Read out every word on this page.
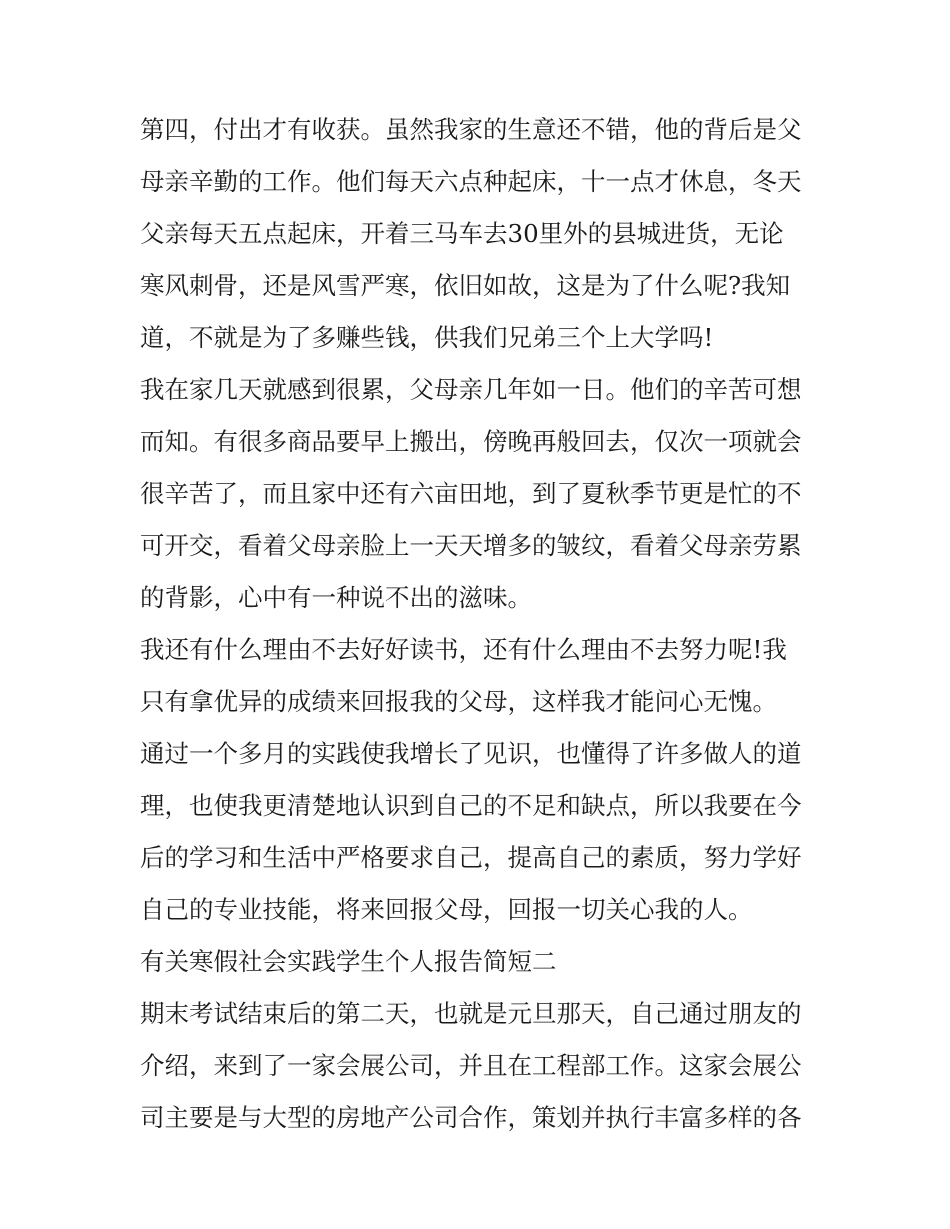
第四，付出才有收获。虽然我家的生意还不错，他的背后是父
母亲辛勤的工作。他们每天六点种起床，十一点才休息，冬天
父亲每天五点起床，开着三马车去30里外的县城进货，无论
寒风刺骨，还是风雪严寒，依旧如故，这是为了什么呢?我知
道，不就是为了多赚些钱，供我们兄弟三个上大学吗!
我在家几天就感到很累，父母亲几年如一日。他们的辛苦可想
而知。有很多商品要早上搬出，傍晚再般回去，仅次一项就会
很辛苦了，而且家中还有六亩田地，到了夏秋季节更是忙的不
可开交，看着父母亲脸上一天天增多的皱纹，看着父母亲劳累
的背影，心中有一种说不出的滋味。
我还有什么理由不去好好读书，还有什么理由不去努力呢!我
只有拿优异的成绩来回报我的父母，这样我才能问心无愧。
通过一个多月的实践使我增长了见识，也懂得了许多做人的道
理，也使我更清楚地认识到自己的不足和缺点，所以我要在今
后的学习和生活中严格要求自己，提高自己的素质，努力学好
自己的专业技能，将来回报父母，回报一切关心我的人。
有关寒假社会实践学生个人报告简短二
期末考试结束后的第二天，也就是元旦那天，自己通过朋友的
介绍，来到了一家会展公司，并且在工程部工作。这家会展公
司主要是与大型的房地产公司合作，策划并执行丰富多样的各
